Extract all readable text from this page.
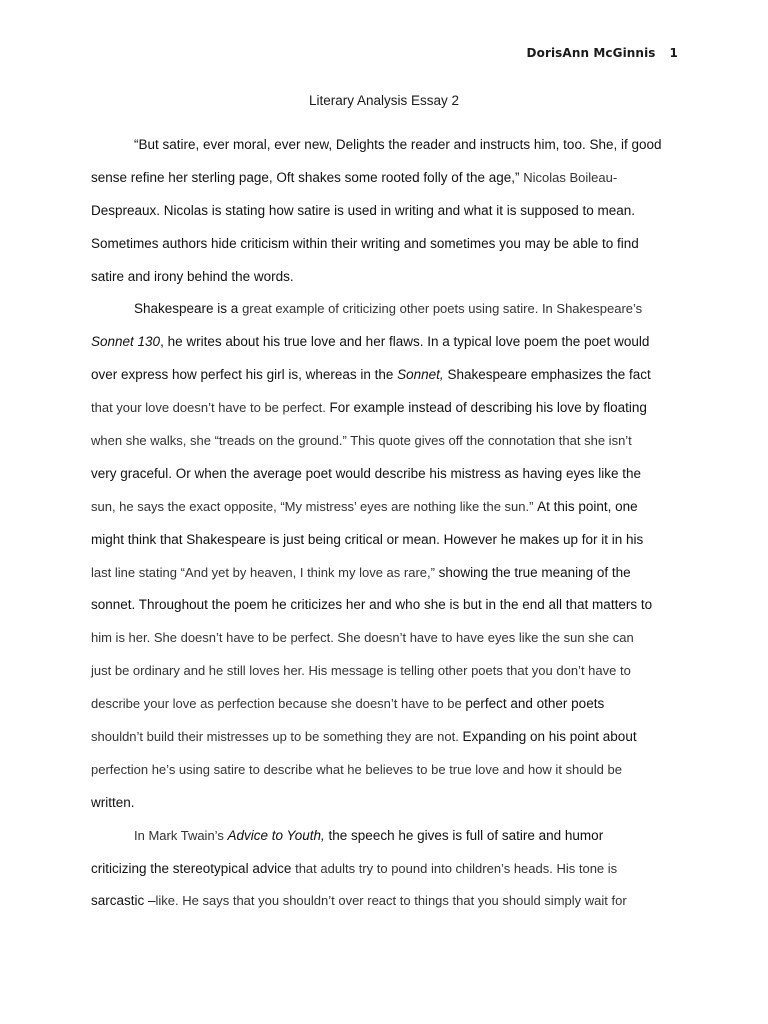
DorisAnn McGinnis 1
Literary Analysis Essay 2
“But satire, ever moral, ever new, Delights the reader and instructs him, too. She, if good
sense refine her sterling page, Oft shakes some rooted folly of the age,” Nicolas Boileau-
Despreaux. Nicolas is stating how satire is used in writing and what it is supposed to mean.
Sometimes authors hide criticism within their writing and sometimes you may be able to find
satire and irony behind the words.
Shakespeare is a great example of criticizing other poets using satire. In Shakespeare’s
Sonnet 130, he writes about his true love and her flaws. In a typical love poem the poet would
over express how perfect his girl is, whereas in the Sonnet, Shakespeare emphasizes the fact
that your love doesn’t have to be perfect. For example instead of describing his love by floating
when she walks, she “treads on the ground.” This quote gives off the connotation that she isn’t
very graceful. Or when the average poet would describe his mistress as having eyes like the
sun, he says the exact opposite, “My mistress’ eyes are nothing like the sun.” At this point, one
might think that Shakespeare is just being critical or mean. However he makes up for it in his
last line stating “And yet by heaven, I think my love as rare,” showing the true meaning of the
sonnet. Throughout the poem he criticizes her and who she is but in the end all that matters to
him is her. She doesn’t have to be perfect. She doesn’t have to have eyes like the sun she can
just be ordinary and he still loves her. His message is telling other poets that you don’t have to
describe your love as perfection because she doesn’t have to be perfect and other poets
shouldn’t build their mistresses up to be something they are not. Expanding on his point about
perfection he’s using satire to describe what he believes to be true love and how it should be
written.
In Mark Twain’s Advice to Youth, the speech he gives is full of satire and humor
criticizing the stereotypical advice that adults try to pound into children’s heads. His tone is
sarcastic –like. He says that you shouldn’t over react to things that you should simply wait for
